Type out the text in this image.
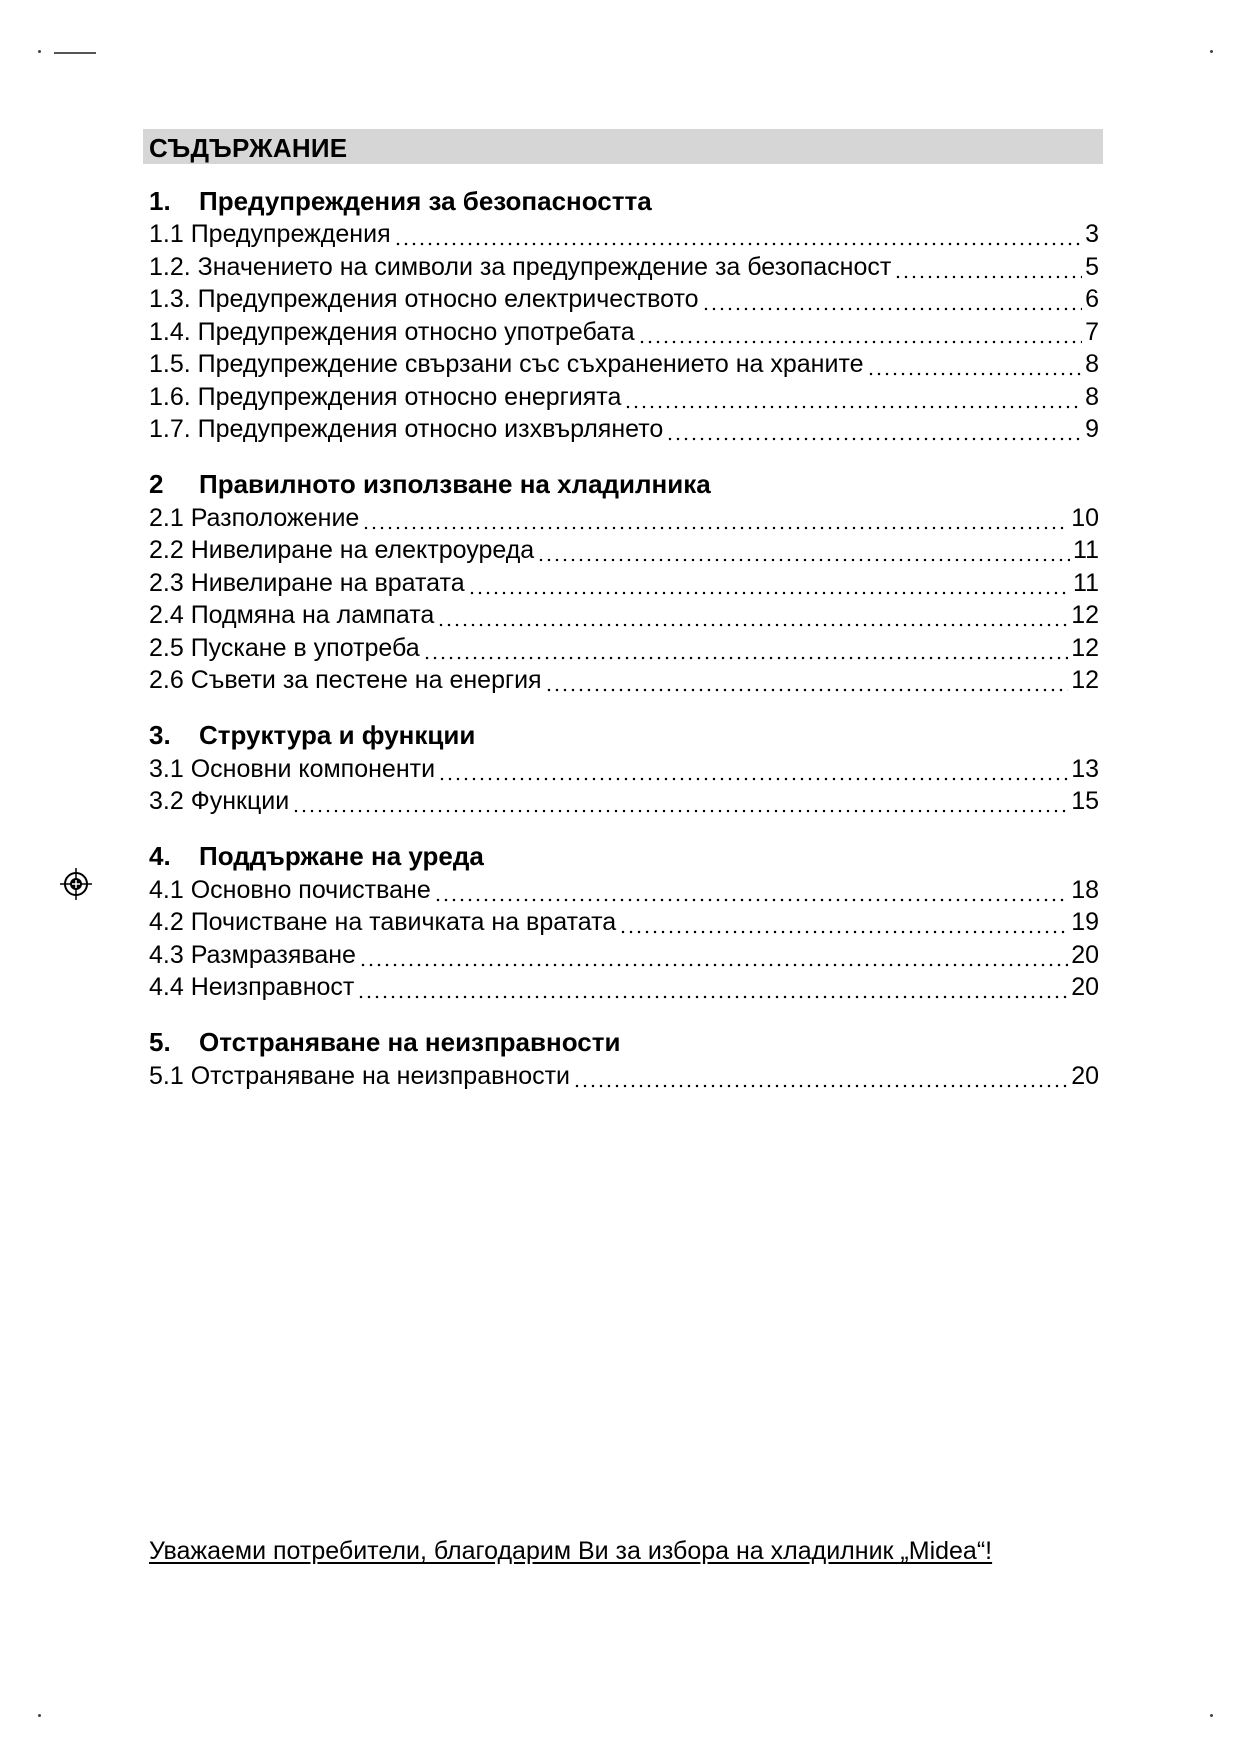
СЪДЪРЖАНИЕ
1.	Предупреждения за безопасността
1.1 Предупреждения	3
1.2. Значението на символи за предупреждение за безопасност	5
1.3. Предупреждения относно електричеството	6
1.4. Предупреждения относно употребата	7
1.5. Предупреждение свързани със съхранението на храните	8
1.6. Предупреждения относно енергията	8
1.7. Предупреждения относно изхвърлянето	9
2	Правилното използване на хладилника
2.1 Разположение	10
2.2 Нивелиране на електроуреда	11
2.3 Нивелиране на вратата	11
2.4 Подмяна на лампата	12
2.5 Пускане в употреба	12
2.6 Съвети за пестене на енергия	12
3.	Структура и функции
3.1 Основни компоненти	13
3.2 Функции	15
4.	Поддържане на уреда
4.1 Основно почистване	18
4.2 Почистване на тавичката на вратата	19
4.3 Размразяване	20
4.4 Неизправност	20
5.	Отстраняване на неизправности
5.1 Отстраняване на неизправности	20
Уважаеми потребители, благодарим Ви за избора на хладилник „Midea“!
